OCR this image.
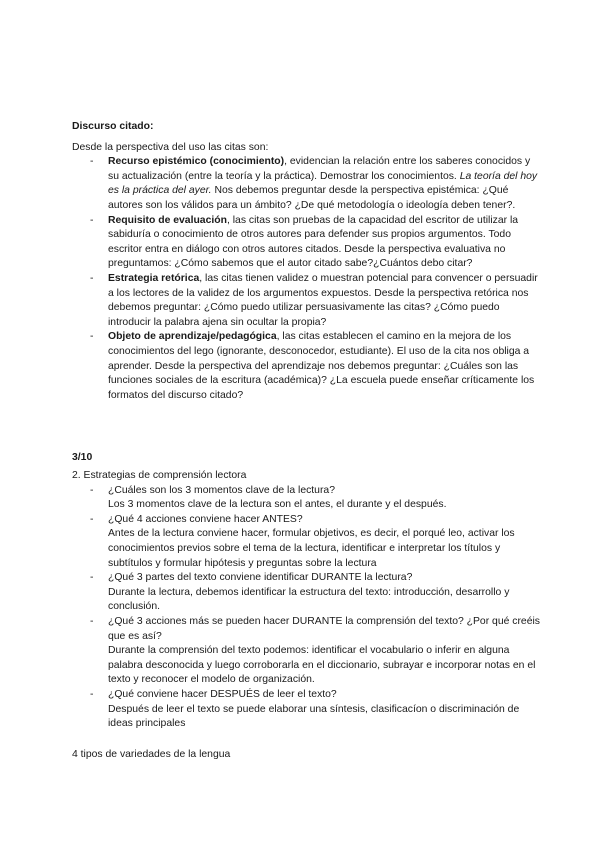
Discurso citado:

Desde la perspectiva del uso las citas son:

- Recurso epistémico (conocimiento), evidencian la relación entre los saberes conocidos y su actualización (entre la teoría y la práctica). Demostrar los conocimientos. La teoría del hoy es la práctica del ayer. Nos debemos preguntar desde la perspectiva epistémica: ¿Qué autores son los válidos para un ámbito? ¿De qué metodología o ideología deben tener?.
- Requisito de evaluación, las citas son pruebas de la capacidad del escritor de utilizar la sabiduría o conocimiento de otros autores para defender sus propios argumentos. Todo escritor entra en diálogo con otros autores citados. Desde la perspectiva evaluativa no preguntamos: ¿Cómo sabemos que el autor citado sabe?¿Cuántos debo citar?
- Estrategia retórica, las citas tienen validez o muestran potencial para convencer o persuadir a los lectores de la validez de los argumentos expuestos. Desde la perspectiva retórica nos debemos preguntar: ¿Cómo puedo utilizar persuasivamente las citas? ¿Cómo puedo introducir la palabra ajena sin ocultar la propia?
- Objeto de aprendizaje/pedagógica, las citas establecen el camino en la mejora de los conocimientos del lego (ignorante, desconocedor, estudiante). El uso de la cita nos obliga a aprender. Desde la perspectiva del aprendizaje nos debemos preguntar: ¿Cuáles son las funciones sociales de la escritura (académica)? ¿La escuela puede enseñar críticamente los formatos del discurso citado?

3/10

2. Estrategias de comprensión lectora

- ¿Cuáles son los 3 momentos clave de la lectura?
Los 3 momentos clave de la lectura son el antes, el durante y el después.
- ¿Qué 4 acciones conviene hacer ANTES?
Antes de la lectura conviene hacer, formular objetivos, es decir, el porqué leo, activar los conocimientos previos sobre el tema de la lectura, identificar e interpretar los títulos y subtítulos y formular hipótesis y preguntas sobre la lectura
- ¿Qué 3 partes del texto conviene identificar DURANTE la lectura?
Durante la lectura, debemos identificar la estructura del texto: introducción, desarrollo y conclusión.
- ¿Qué 3 acciones más se pueden hacer DURANTE la comprensión del texto? ¿Por qué creéis que es así?
Durante la comprensión del texto podemos: identificar el vocabulario o inferir en alguna palabra desconocida y luego corroborarla en el diccionario, subrayar e incorporar notas en el texto y reconocer el modelo de organización.
- ¿Qué conviene hacer DESPUÉS de leer el texto?
Después de leer el texto se puede elaborar una síntesis, clasificacíon o discriminación de ideas principales

4 tipos de variedades de la lengua
